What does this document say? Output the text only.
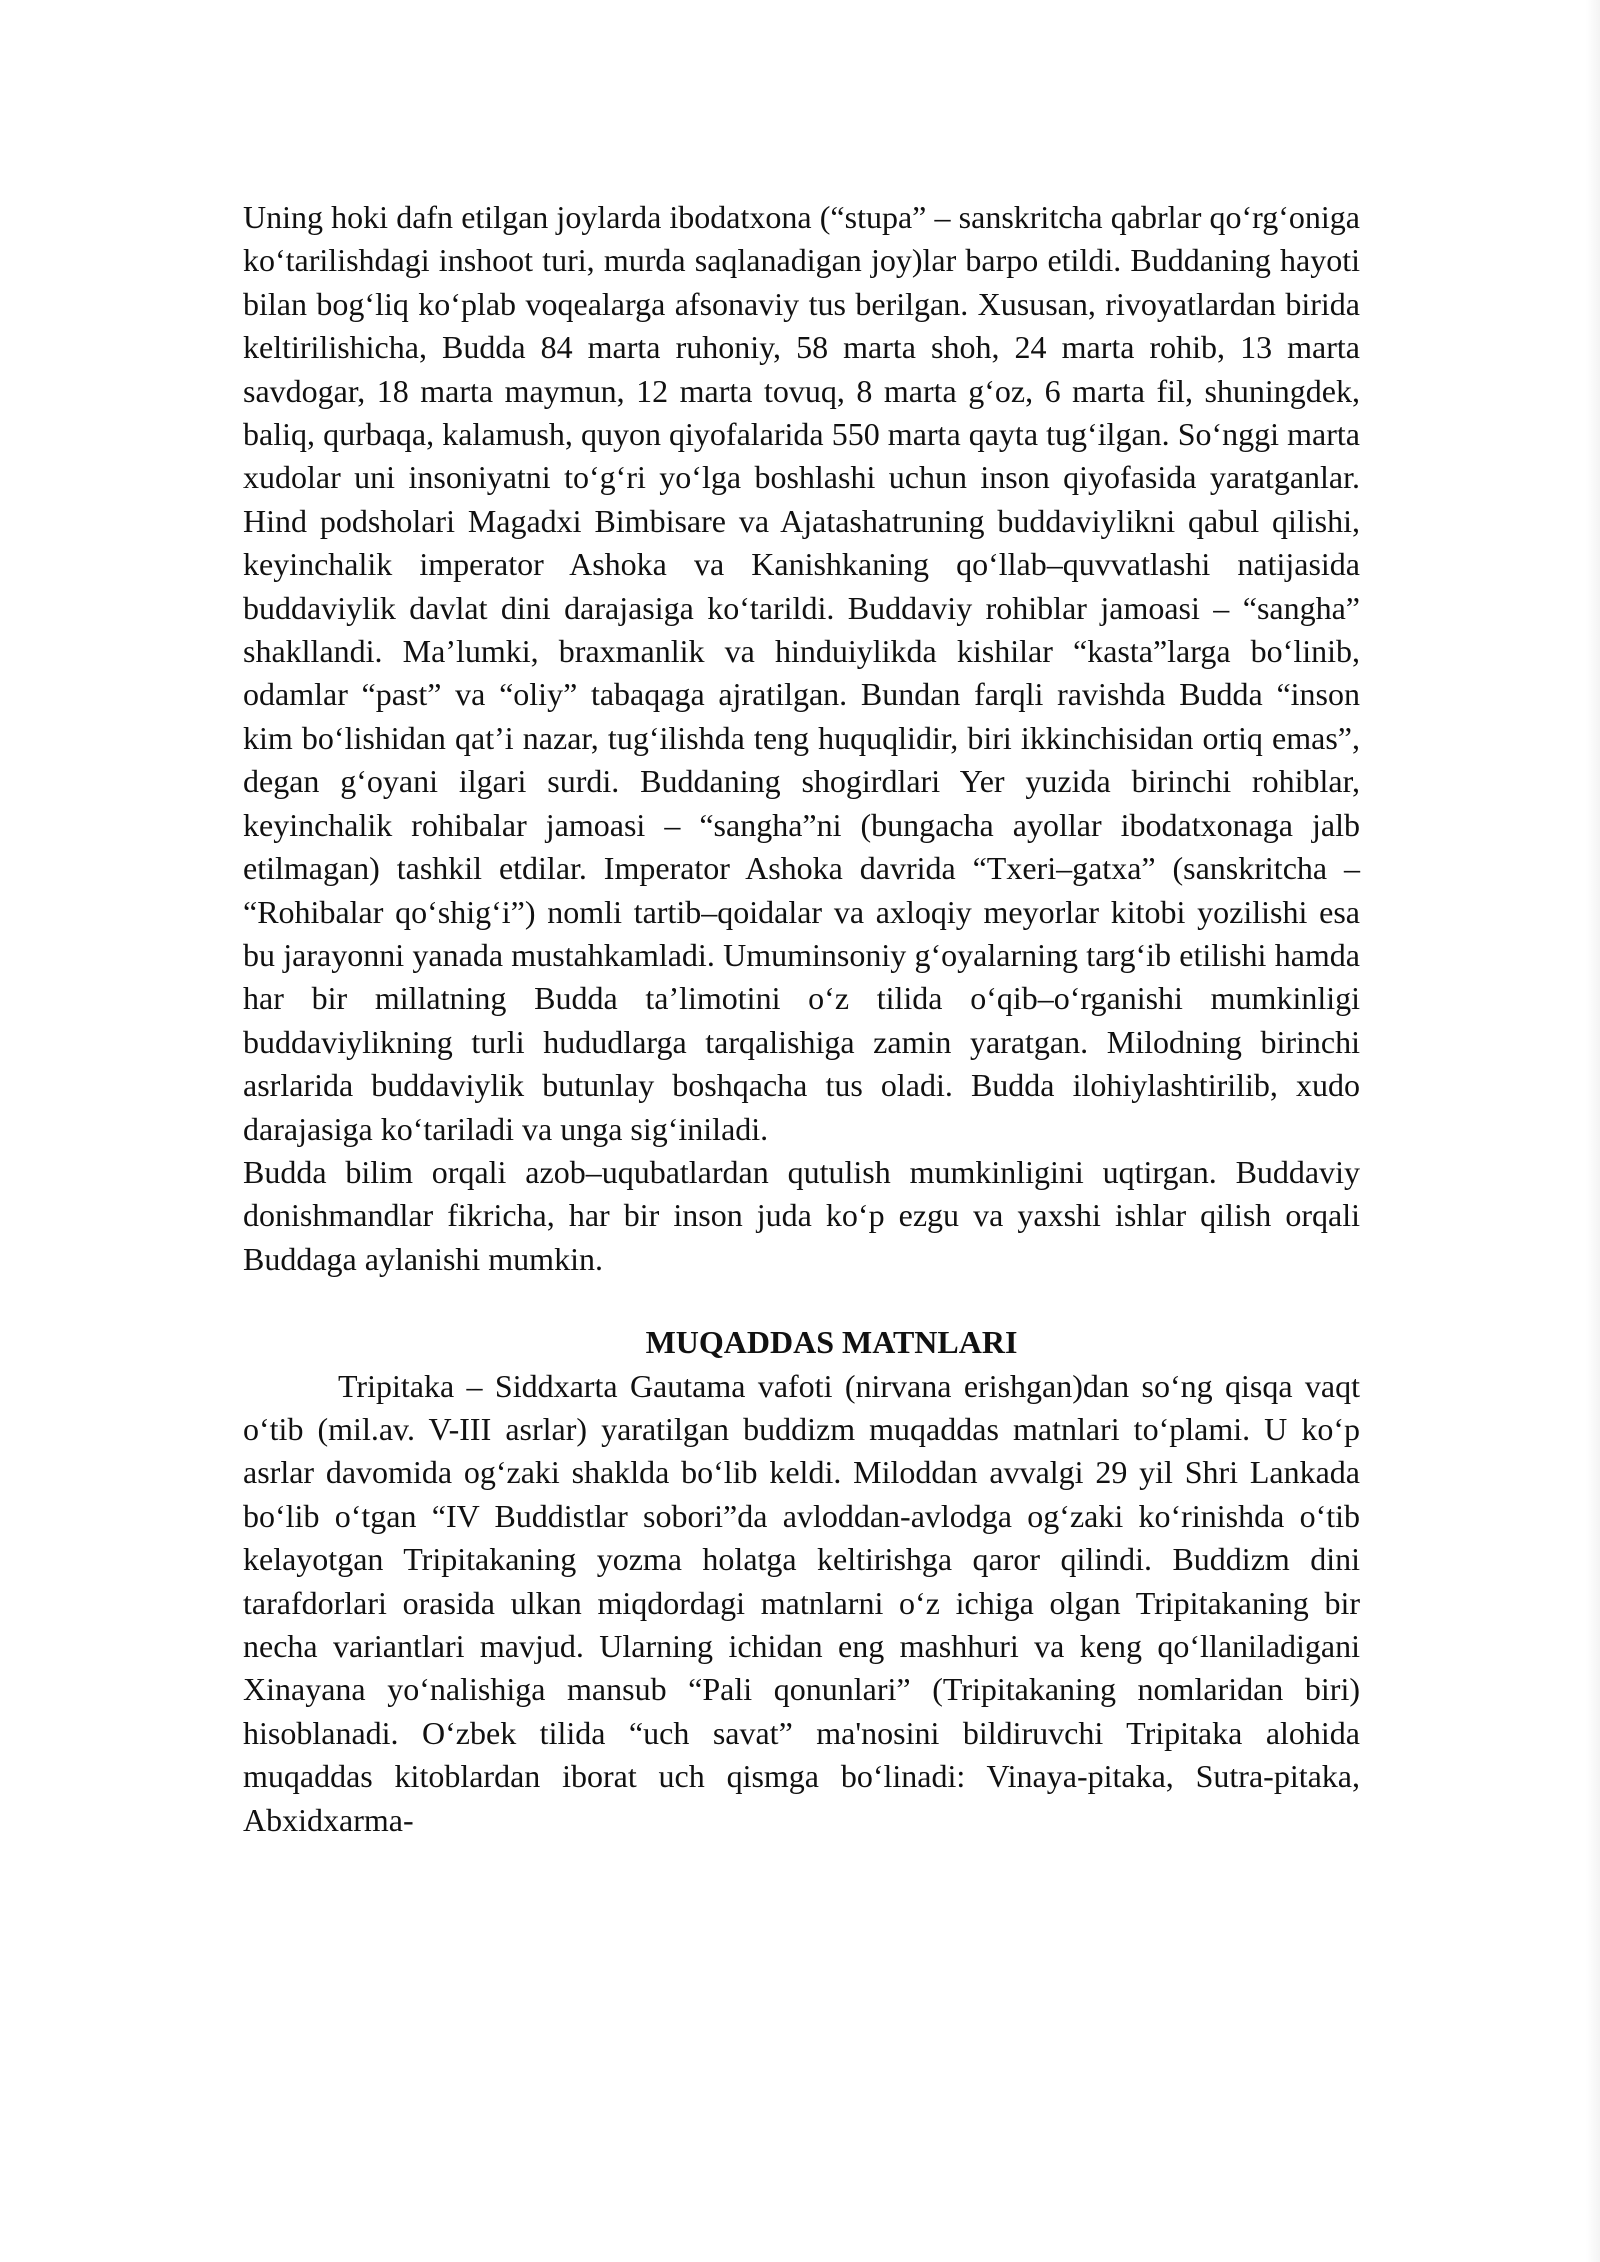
Uning hoki dafn etilgan joylarda ibodatxona (“stupa” – sanskritcha qabrlar qo‘rg‘oniga ko‘tarilishdagi inshoot turi, murda saqlanadigan joy)lar barpo etildi. Buddaning hayoti bilan bog‘liq ko‘plab voqealarga afsonaviy tus berilgan. Xususan, rivoyatlardan birida keltirilishicha, Budda 84 marta ruhoniy, 58 marta shoh, 24 marta rohib, 13 marta savdogar, 18 marta maymun, 12 marta tovuq, 8 marta g‘oz, 6 marta fil, shuningdek, baliq, qurbaqa, kalamush, quyon qiyofalarida 550 marta qayta tug‘ilgan. So‘nggi marta xudolar uni insoniyatni to‘g‘ri yo‘lga boshlashi uchun inson qiyofasida yaratganlar. Hind podsholari Magadxi Bimbisare va Ajatashatruning buddaviylikni qabul qilishi, keyinchalik imperator Ashoka va Kanishkaning qo‘llab–quvvatlashi natijasida buddaviylik davlat dini darajasiga ko‘tarildi. Buddaviy rohiblar jamoasi – “sangha” shakllandi. Ma’lumki, braxmanlik va hinduiylikda kishilar “kasta”larga bo‘linib, odamlar “past” va “oliy” tabaqaga ajratilgan. Bundan farqli ravishda Budda “inson kim bo‘lishidan qat’i nazar, tug‘ilishda teng huquqlidir, biri ikkinchisidan ortiq emas”, degan g‘oyani ilgari surdi. Buddaning shogirdlari Yer yuzida birinchi rohiblar, keyinchalik rohibalar jamoasi – “sangha”ni (bungacha ayollar ibodatxonaga jalb etilmagan) tashkil etdilar. Imperator Ashoka davrida “Txeri–gatxa” (sanskritcha – “Rohibalar qo‘shig‘i”) nomli tartib–qoidalar va axloqiy meyorlar kitobi yozilishi esa bu jarayonni yanada mustahkamladi. Umuminsoniy g‘oyalarning targ‘ib etilishi hamda har bir millatning Budda ta’limotini o‘z tilida o‘qib–o‘rganishi mumkinligi buddaviylikning turli hududlarga tarqalishiga zamin yaratgan. Milodning birinchi asrlarida buddaviylik butunlay boshqacha tus oladi. Budda ilohiylashtirilib, xudo darajasiga ko‘tariladi va unga sig‘iniladi.

Budda bilim orqali azob–uqubatlardan qutulish mumkinligini uqtirgan. Buddaviy donishmandlar fikricha, har bir inson juda ko‘p ezgu va yaxshi ishlar qilish orqali Buddaga aylanishi mumkin.

MUQADDAS MATNLARI

Tripitaka – Siddxarta Gautama vafoti (nirvana erishgan)dan so‘ng qisqa vaqt o‘tib (mil.av. V-III asrlar) yaratilgan buddizm muqaddas matnlari to‘plami. U ko‘p asrlar davomida og‘zaki shaklda bo‘lib keldi. Miloddan avvalgi 29 yil Shri Lankada bo‘lib o‘tgan “IV Buddistlar sobori”da avloddan-avlodga og‘zaki ko‘rinishda o‘tib kelayotgan Tripitakaning yozma holatga keltirishga qaror qilindi. Buddizm dini tarafdorlari orasida ulkan miqdordagi matnlarni o‘z ichiga olgan Tripitakaning bir necha variantlari mavjud. Ularning ichidan eng mashhuri va keng qo‘llaniladigani Xinayana yo‘nalishiga mansub “Pali qonunlari” (Tripitakaning nomlaridan biri) hisoblanadi. O‘zbek tilida “uch savat” ma'nosini bildiruvchi Tripitaka alohida muqaddas kitoblardan iborat uch qismga bo‘linadi: Vinaya-pitaka, Sutra-pitaka, Abxidxarma-
